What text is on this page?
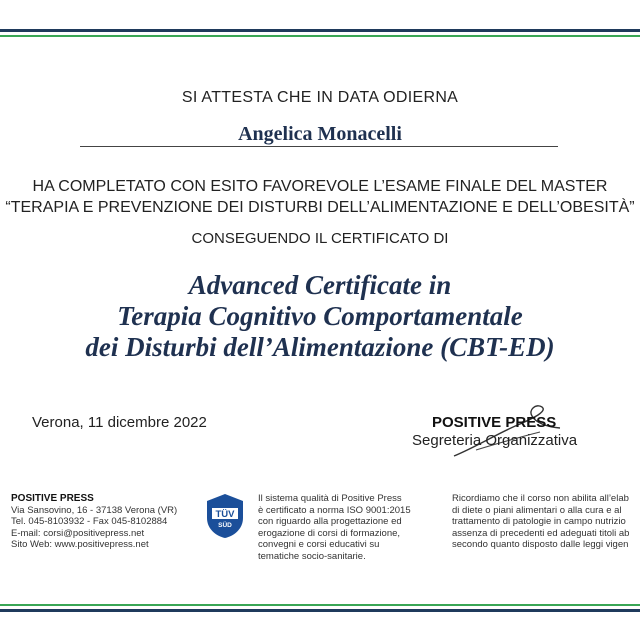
SI ATTESTA CHE IN DATA ODIERNA
Angelica Monacelli
HA COMPLETATO CON ESITO FAVOREVOLE L’ESAME FINALE DEL MASTER
“TERAPIA E PREVENZIONE DEI DISTURBI DELL’ALIMENTAZIONE E DELL’OBESITÀ”
CONSEGUENDO IL CERTIFICATO DI
Advanced Certificate in
Terapia Cognitivo Comportamentale
dei Disturbi dell’Alimentazione (CBT-ED)
Verona, 11 dicembre 2022	POSITIVE PRESS
Segreteria Organizzativa
POSITIVE PRESS
Via Sansovino, 16 - 37138 Verona (VR)
Tel. 045-8103932 - Fax 045-8102884
E-mail: corsi@positivepress.net
Sito Web: www.positivepress.net
TÜV
SÜD
Il sistema qualità di Positive Press
è certificato a norma ISO 9001:2015
con riguardo alla progettazione ed
erogazione di corsi di formazione,
convegni e corsi educativi su
tematiche socio-sanitarie.
Ricordiamo che il corso non abilita all’elab
di diete o piani alimentari o alla cura e al
trattamento di patologie in campo nutrizio
assenza di precedenti ed adeguati titoli ab
secondo quanto disposto dalle leggi vigen
